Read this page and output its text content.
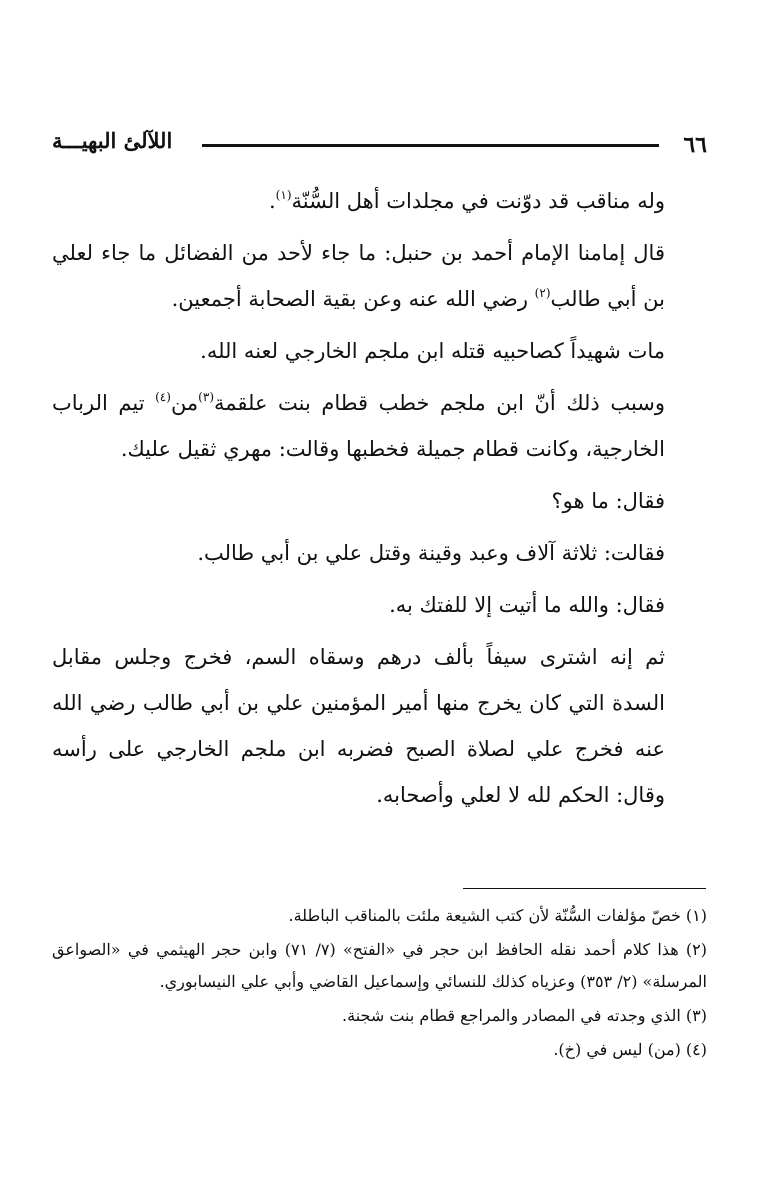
٦٦
اللآلئ البهيـــة

وله مناقب قد دوّنت في مجلدات أهل السُّنّة$^{(١)}$.

قال إمامنا الإمام أحمد بن حنبل: ما جاء لأحد من الفضائل ما جاء لعلي بن أبي طالب$^{(٢)}$ رضي الله عنه وعن بقية الصحابة أجمعين.

مات شهيداً كصاحبيه قتله ابن ملجم الخارجي لعنه الله.

وسبب ذلك أنّ ابن ملجم خطب قطام بنت علقمة$^{(٣)}$من$^{(٤)}$ تيم الرباب الخارجية، وكانت قطام جميلة فخطبها وقالت: مهري ثقيل عليك.

فقال: ما هو؟

فقالت: ثلاثة آلاف وعبد وقينة وقتل علي بن أبي طالب.

فقال: والله ما أتيت إلا للفتك به.

ثم إنه اشترى سيفاً بألف درهم وسقاه السم، فخرج وجلس مقابل السدة التي كان يخرج منها أمير المؤمنين علي بن أبي طالب رضي الله عنه فخرج علي لصلاة الصبح فضربه ابن ملجم الخارجي على رأسه وقال: الحكم لله لا لعلي وأصحابه.

(١) خصّ مؤلفات السُّنّة لأن كتب الشيعة ملئت بالمناقب الباطلة.

(٢) هذا كلام أحمد نقله الحافظ ابن حجر في «الفتح» (٧/ ٧١) وابن حجر الهيثمي في «الصواعق المرسلة» (٢/ ٣٥٣) وعزياه كذلك للنسائي وإسماعيل القاضي وأبي علي النيسابوري.

(٣) الذي وجدته في المصادر والمراجع قطام بنت شجنة.

(٤) (من) ليس في (خ).
